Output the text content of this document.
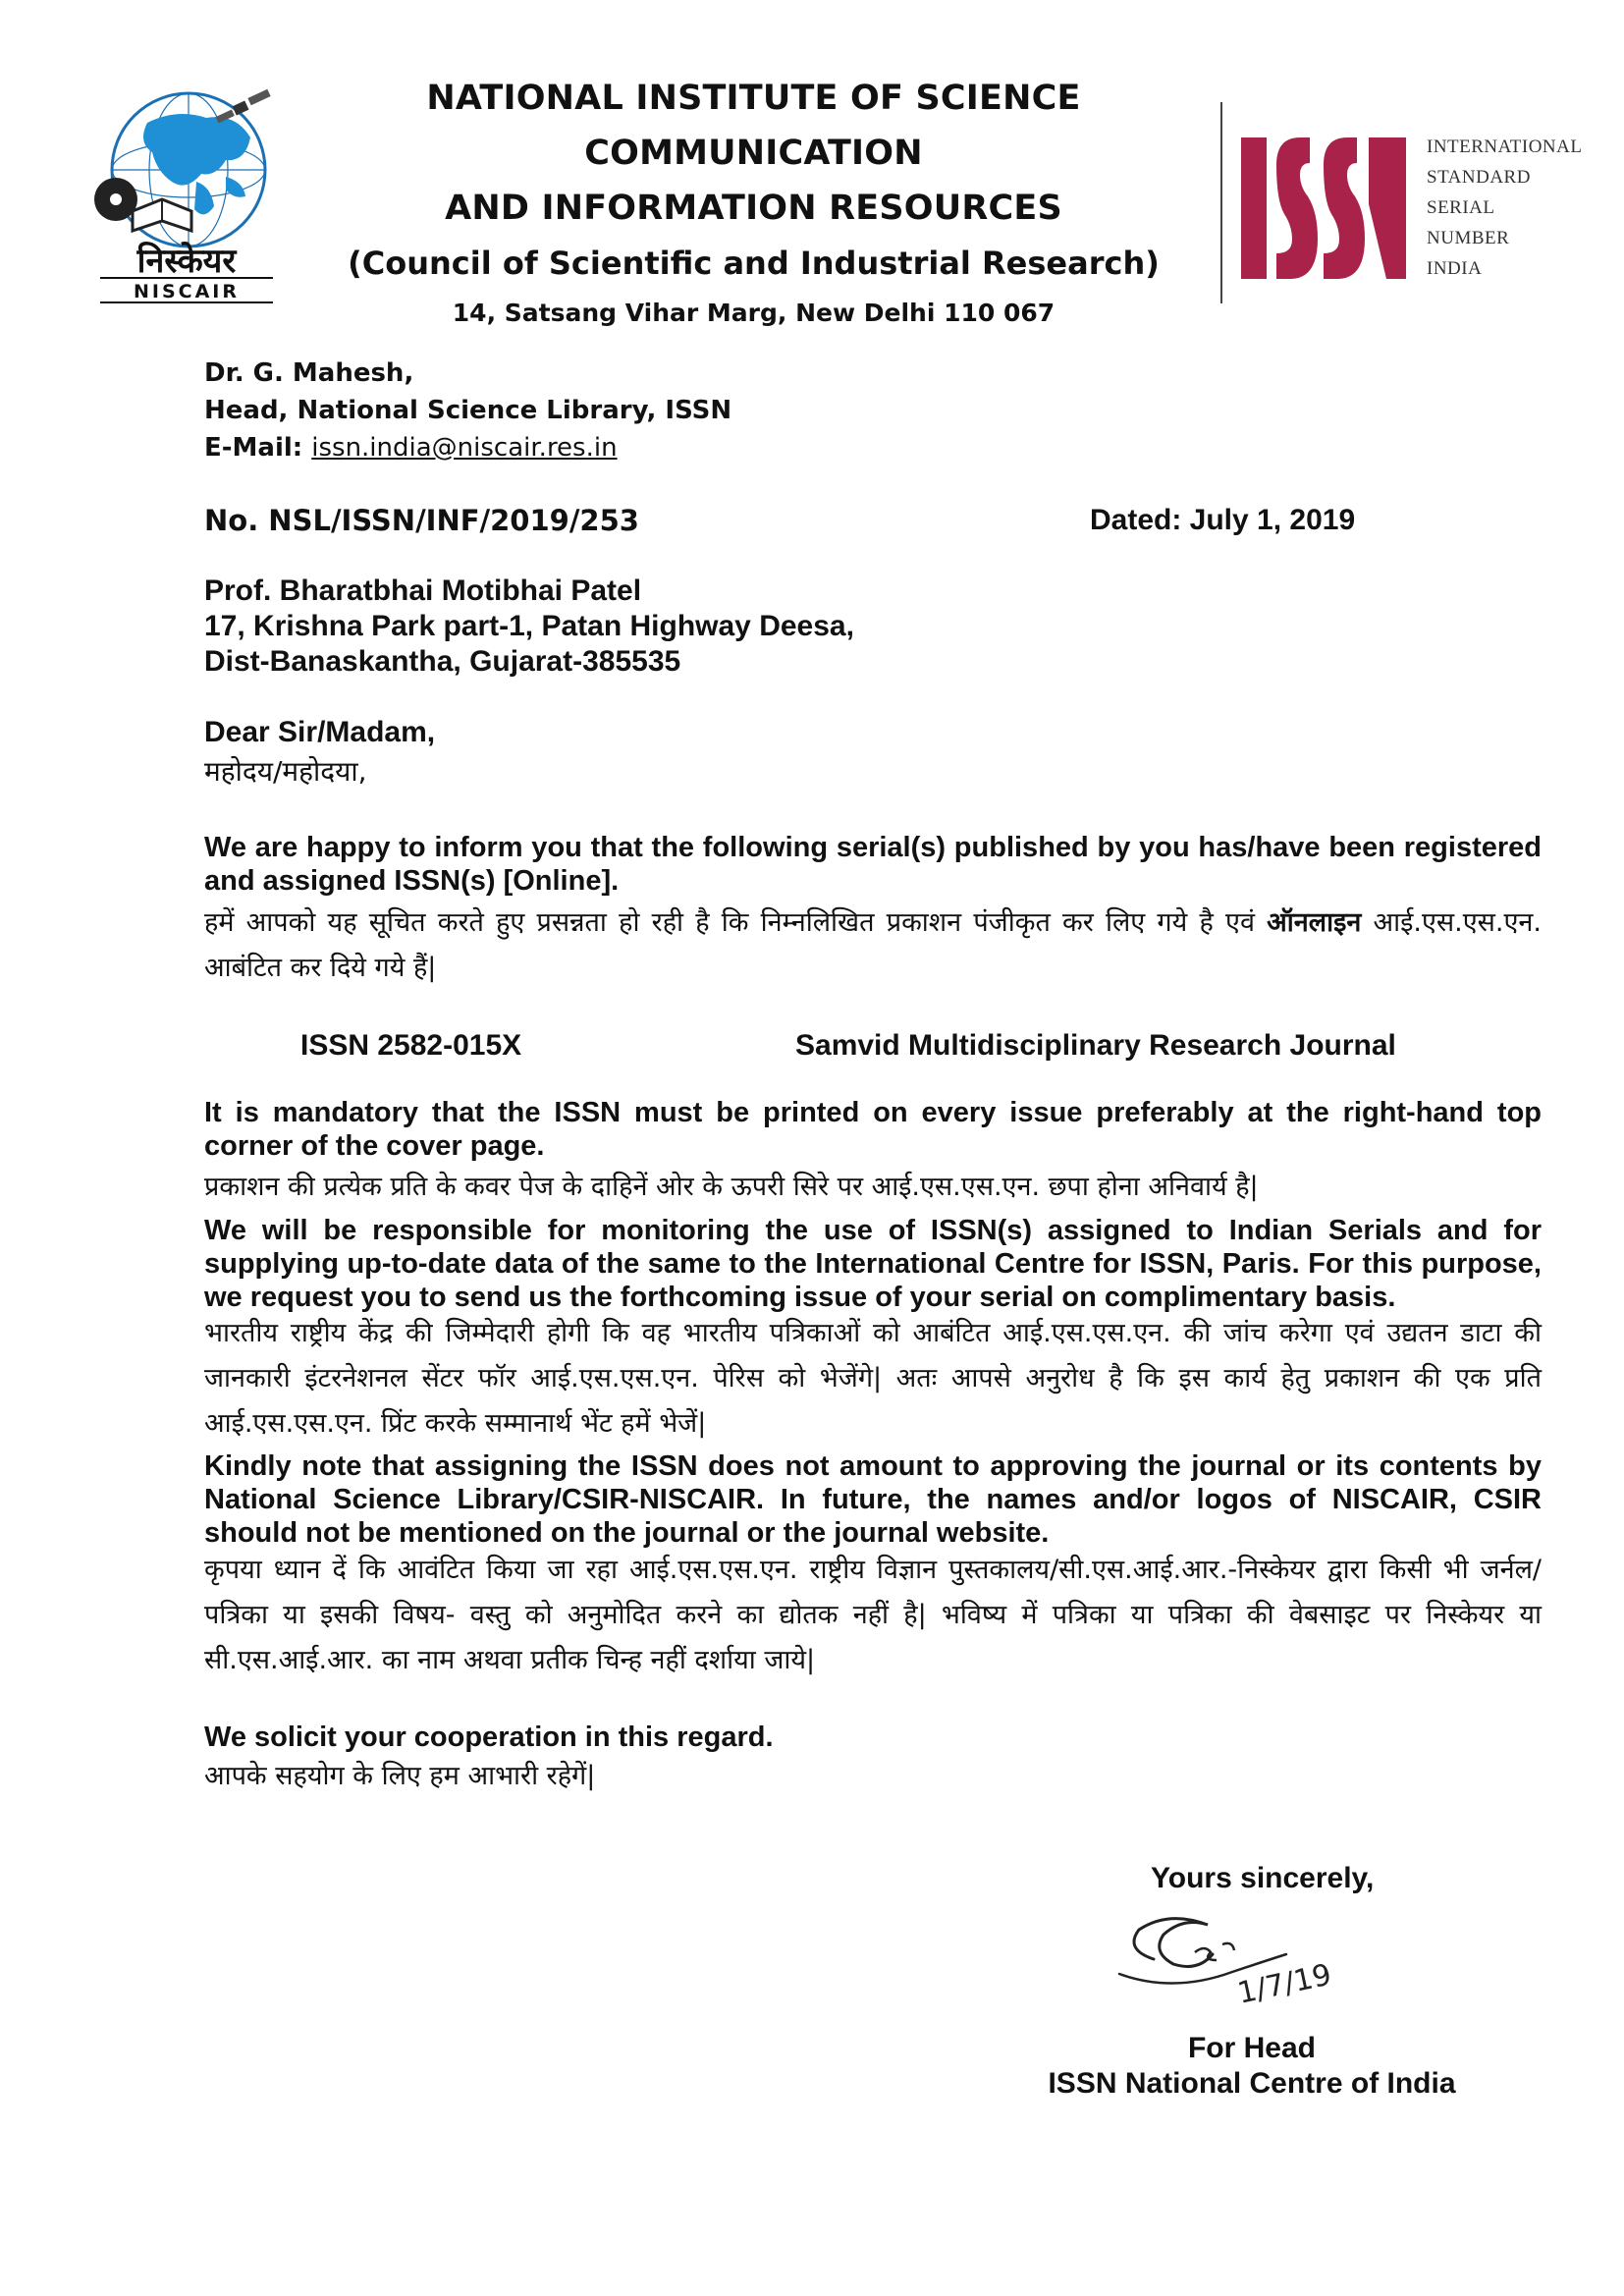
निस्केयर
NISCAIR
NATIONAL INSTITUTE OF SCIENCE COMMUNICATION
AND INFORMATION RESOURCES
(Council of Scientific and Industrial Research)
14, Satsang Vihar Marg, New Delhi 110 067
INTERNATIONAL
STANDARD
SERIAL
NUMBER
INDIA
Dr. G. Mahesh,
Head, National Science Library, ISSN
E-Mail: issn.india@niscair.res.in
No. NSL/ISSN/INF/2019/253	Dated: July 1, 2019
Prof. Bharatbhai Motibhai Patel
17, Krishna Park part-1, Patan Highway Deesa,
Dist-Banaskantha, Gujarat-385535
Dear Sir/Madam,
महोदय/महोदया,
We are happy to inform you that the following serial(s) published by you has/have been registered and assigned ISSN(s) [Online].
हमें आपको यह सूचित करते हुए प्रसन्नता हो रही है कि निम्नलिखित प्रकाशन पंजीकृत कर लिए गये है एवं ऑनलाइन आई.एस.एस.एन. आबंटित कर दिये गये हैं|
ISSN 2582-015X	Samvid Multidisciplinary Research Journal
It is mandatory that the ISSN must be printed on every issue preferably at the right-hand top corner of the cover page.
प्रकाशन की प्रत्येक प्रति के कवर पेज के दाहिनें ओर के ऊपरी सिरे पर आई.एस.एस.एन. छपा होना अनिवार्य है|
We will be responsible for monitoring the use of ISSN(s) assigned to Indian Serials and for supplying up-to-date data of the same to the International Centre for ISSN, Paris. For this purpose, we request you to send us the forthcoming issue of your serial on complimentary basis.
भारतीय राष्ट्रीय केंद्र की जिम्मेदारी होगी कि वह भारतीय पत्रिकाओं को आबंटित आई.एस.एस.एन. की जांच करेगा एवं उद्यतन डाटा की जानकारी इंटरनेशनल सेंटर फॉर आई.एस.एस.एन. पेरिस को भेजेंगे| अतः आपसे अनुरोध है कि इस कार्य हेतु प्रकाशन की एक प्रति आई.एस.एस.एन. प्रिंट करके सम्मानार्थ भेंट हमें भेजें|
Kindly note that assigning the ISSN does not amount to approving the journal or its contents by National Science Library/CSIR-NISCAIR. In future, the names and/or logos of NISCAIR, CSIR should not be mentioned on the journal or the journal website.
कृपया ध्यान दें कि आवंटित किया जा रहा आई.एस.एस.एन. राष्ट्रीय विज्ञान पुस्तकालय/सी.एस.आई.आर.-निस्केयर द्वारा किसी भी जर्नल/पत्रिका या इसकी विषय- वस्तु को अनुमोदित करने का द्योतक नहीं है| भविष्य में पत्रिका या पत्रिका की वेबसाइट पर निस्केयर या सी.एस.आई.आर. का नाम अथवा प्रतीक चिन्ह नहीं दर्शाया जाये|
We solicit your cooperation in this regard.
आपके सहयोग के लिए हम आभारी रहेगें|
Yours sincerely,
1/7/19
For Head
ISSN National Centre of India
